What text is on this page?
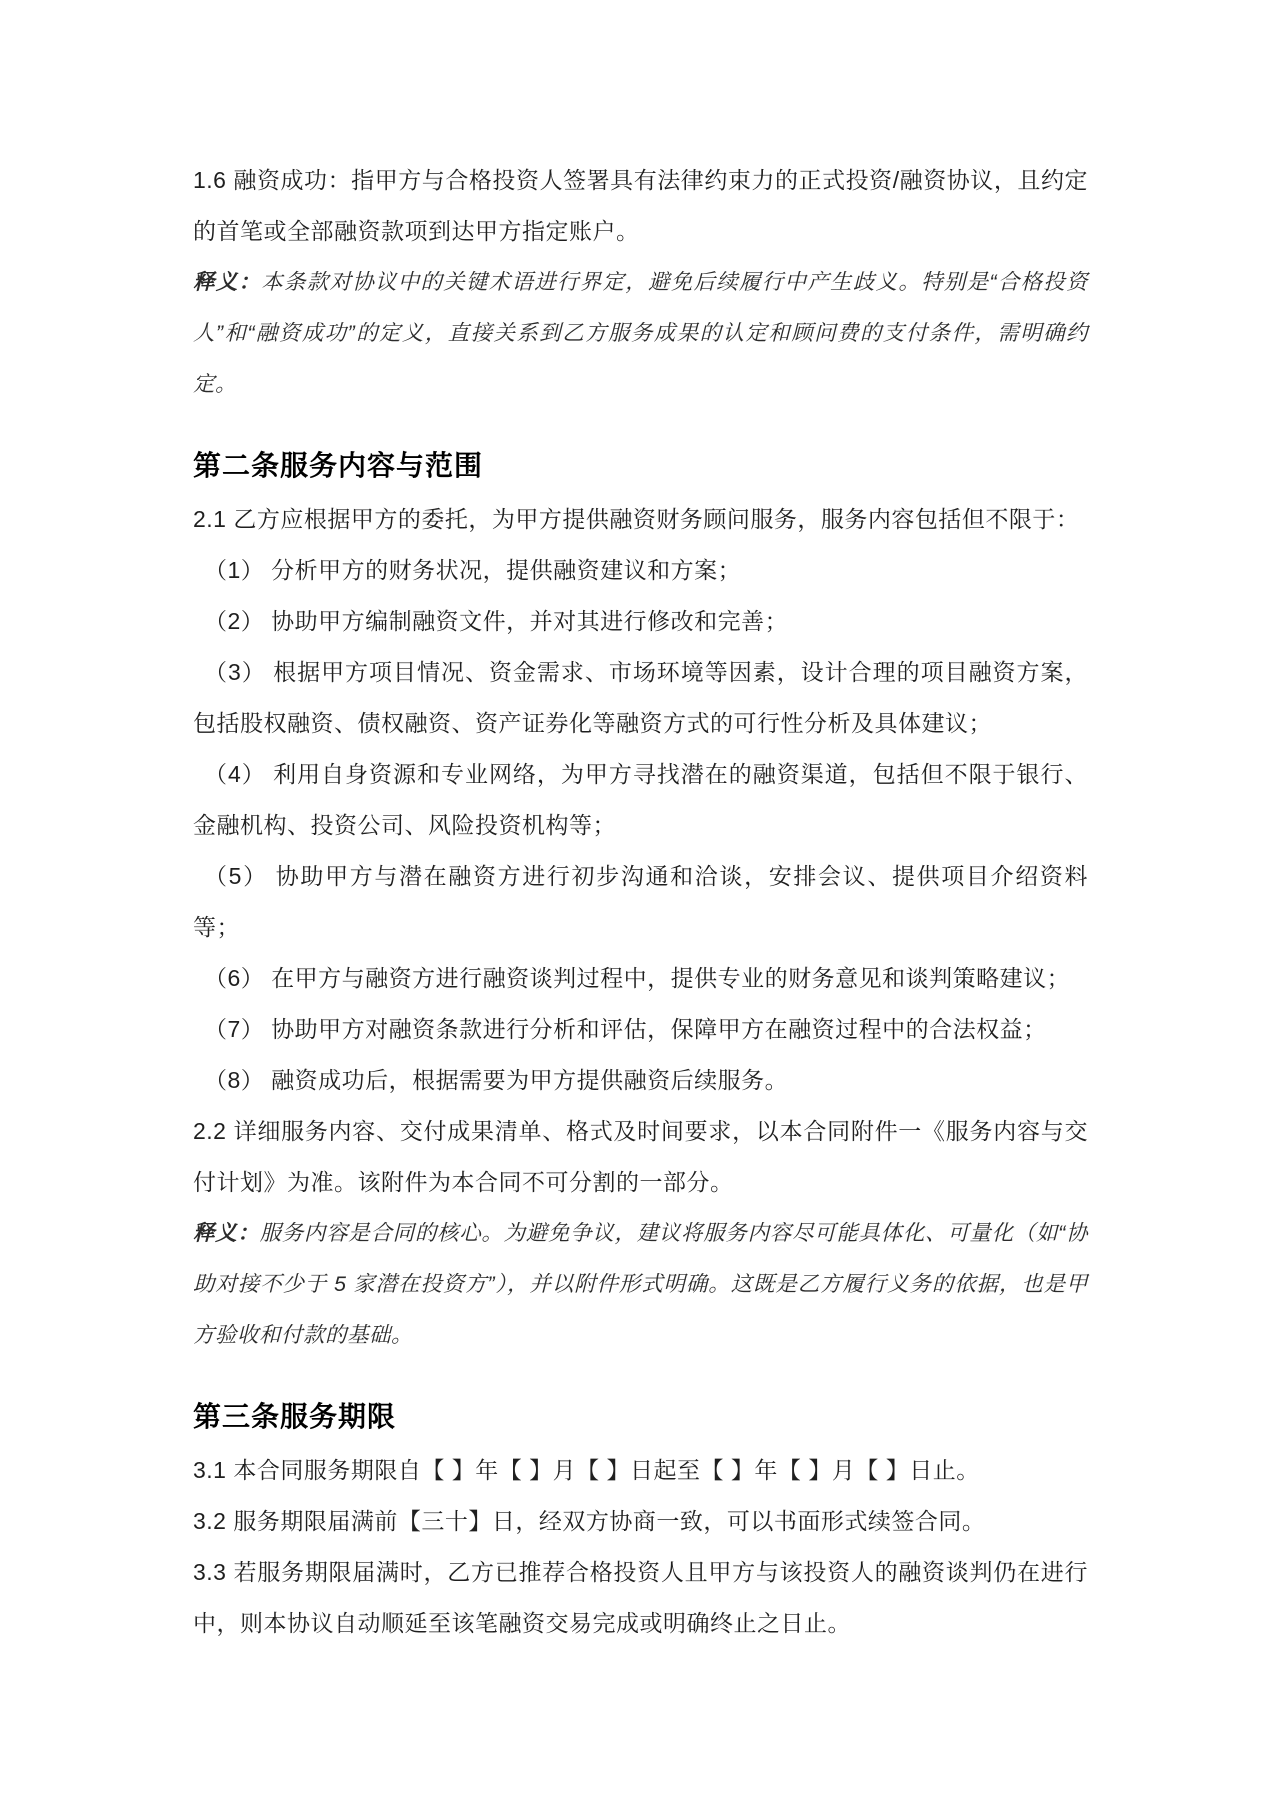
1.6 融资成功：指甲方与合格投资人签署具有法律约束力的正式投资/融资协议，且约定的首笔或全部融资款项到达甲方指定账户。

释义：本条款对协议中的关键术语进行界定，避免后续履行中产生歧义。特别是“合格投资人”和“融资成功”的定义，直接关系到乙方服务成果的认定和顾问费的支付条件，需明确约定。

第二条服务内容与范围

2.1 乙方应根据甲方的委托，为甲方提供融资财务顾问服务，服务内容包括但不限于：

（1） 分析甲方的财务状况，提供融资建议和方案；

（2） 协助甲方编制融资文件，并对其进行修改和完善；

（3） 根据甲方项目情况、资金需求、市场环境等因素，设计合理的项目融资方案，包括股权融资、债权融资、资产证券化等融资方式的可行性分析及具体建议；

（4） 利用自身资源和专业网络，为甲方寻找潜在的融资渠道，包括但不限于银行、金融机构、投资公司、风险投资机构等；

（5） 协助甲方与潜在融资方进行初步沟通和洽谈，安排会议、提供项目介绍资料等；

（6） 在甲方与融资方进行融资谈判过程中，提供专业的财务意见和谈判策略建议；

（7） 协助甲方对融资条款进行分析和评估，保障甲方在融资过程中的合法权益；

（8） 融资成功后，根据需要为甲方提供融资后续服务。

2.2 详细服务内容、交付成果清单、格式及时间要求，以本合同附件一《服务内容与交付计划》为准。该附件为本合同不可分割的一部分。

释义：服务内容是合同的核心。为避免争议，建议将服务内容尽可能具体化、可量化（如“协助对接不少于 5 家潜在投资方”），并以附件形式明确。这既是乙方履行义务的依据，也是甲方验收和付款的基础。

第三条服务期限

3.1 本合同服务期限自【 】年【 】月【 】日起至【 】年【 】月【 】日止。

3.2 服务期限届满前【三十】日，经双方协商一致，可以书面形式续签合同。

3.3 若服务期限届满时，乙方已推荐合格投资人且甲方与该投资人的融资谈判仍在进行中，则本协议自动顺延至该笔融资交易完成或明确终止之日止。
